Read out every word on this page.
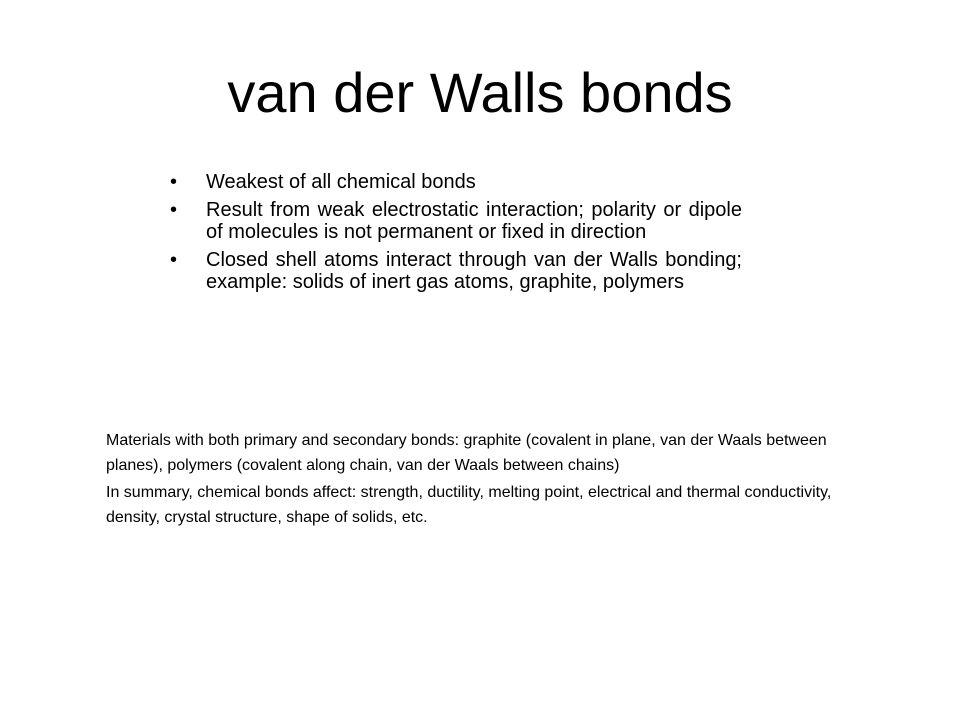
van der Walls bonds
• Weakest of all chemical bonds
• Result from weak electrostatic interaction; polarity or dipole of molecules is not permanent or fixed in direction
• Closed shell atoms interact through van der Walls bonding; example: solids of inert gas atoms, graphite, polymers

Materials with both primary and secondary bonds: graphite (covalent in plane, van der Waals between planes), polymers (covalent along chain, van der Waals between chains)

In summary, chemical bonds affect: strength, ductility, melting point, electrical and thermal conductivity, density, crystal structure, shape of solids, etc.
